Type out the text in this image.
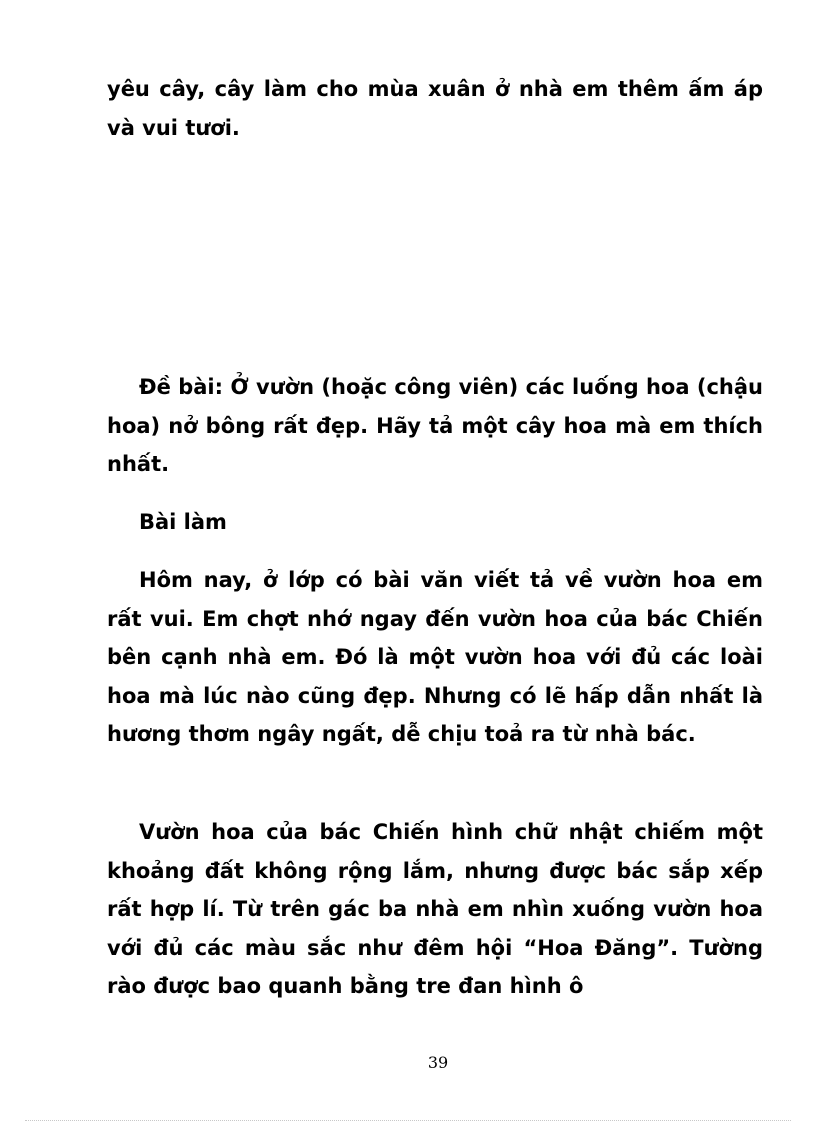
yêu cây, cây làm cho mùa xuân ở nhà em thêm ấm áp và vui tươi.

Đề bài: Ở vườn (hoặc công viên) các luống hoa (chậu hoa) nở bông rất đẹp. Hãy tả một cây hoa mà em thích nhất.

Bài làm

Hôm nay, ở lớp có bài văn viết tả về vườn hoa em rất vui. Em chợt nhớ ngay đến vườn hoa của bác Chiến bên cạnh nhà em. Đó là một vườn hoa với đủ các loài hoa mà lúc nào cũng đẹp. Nhưng có lẽ hấp dẫn nhất là hương thơm ngây ngất, dễ chịu toả ra từ nhà bác.

Vườn hoa của bác Chiến hình chữ nhật chiếm một khoảng đất không rộng lắm, nhưng được bác sắp xếp rất hợp lí. Từ trên gác ba nhà em nhìn xuống vườn hoa với đủ các màu sắc như đêm hội “Hoa Đăng”. Tường rào được bao quanh bằng tre đan hình ô

39
